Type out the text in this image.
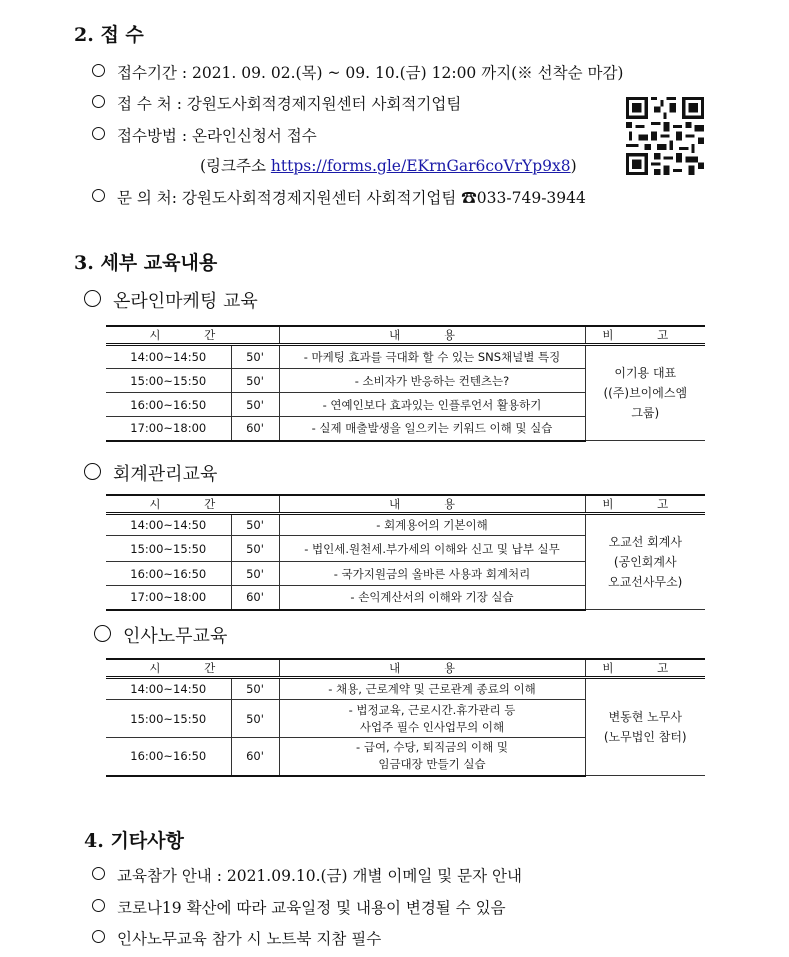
2. 접 수
접수기간 : 2021. 09. 02.(목) ~ 09. 10.(금) 12:00 까지(※ 선착순 마감)
접 수 처 : 강원도사회적경제지원센터 사회적기업팀
접수방법 : 온라인신청서 접수
(링크주소 https://forms.gle/EKrnGar6coVrYp9x8)
문 의 처: 강원도사회적경제지원센터 사회적기업팀 ☎033-749-3944
3. 세부 교육내용
온라인마케팅 교육
시 간		내 용	비 고
14:00~14:50	50'	- 마케팅 효과를 극대화 할 수 있는 SNS채널별 특징	이기용 대표
((주)브이에스엠
그룹)

15:00~15:50	50'	- 소비자가 반응하는 컨텐츠는?	
16:00~16:50	50'	- 연예인보다 효과있는 인플루언서 활용하기	
17:00~18:00	60'	- 실제 매출발생을 일으키는 키워드 이해 및 실습	
회계관리교육
시 간		내 용	비 고
14:00~14:50	50'	- 회계용어의 기본이해	오교선 회계사
(공인회계사
오교선사무소)

15:00~15:50	50'	- 법인세.원천세.부가세의 이해와 신고 및 납부 실무	
16:00~16:50	50'	- 국가지원금의 올바른 사용과 회계처리	
17:00~18:00	60'	- 손익계산서의 이해와 기장 실습	
인사노무교육
시 간		내 용	비 고
14:00~14:50	50'	- 채용, 근로계약 및 근로관계 종료의 이해	변동현 노무사
(노무법인 참터)

15:00~15:50	50'	- 법정교육, 근로시간.휴가관리 등
사업주 필수 인사업무의 이해	

16:00~16:50	60'	- 급여, 수당, 퇴직금의 이해 및
임금대장 만들기 실습	
4. 기타사항
교육참가 안내 : 2021.09.10.(금) 개별 이메일 및 문자 안내
코로나19 확산에 따라 교육일정 및 내용이 변경될 수 있음
인사노무교육 참가 시 노트북 지참 필수
